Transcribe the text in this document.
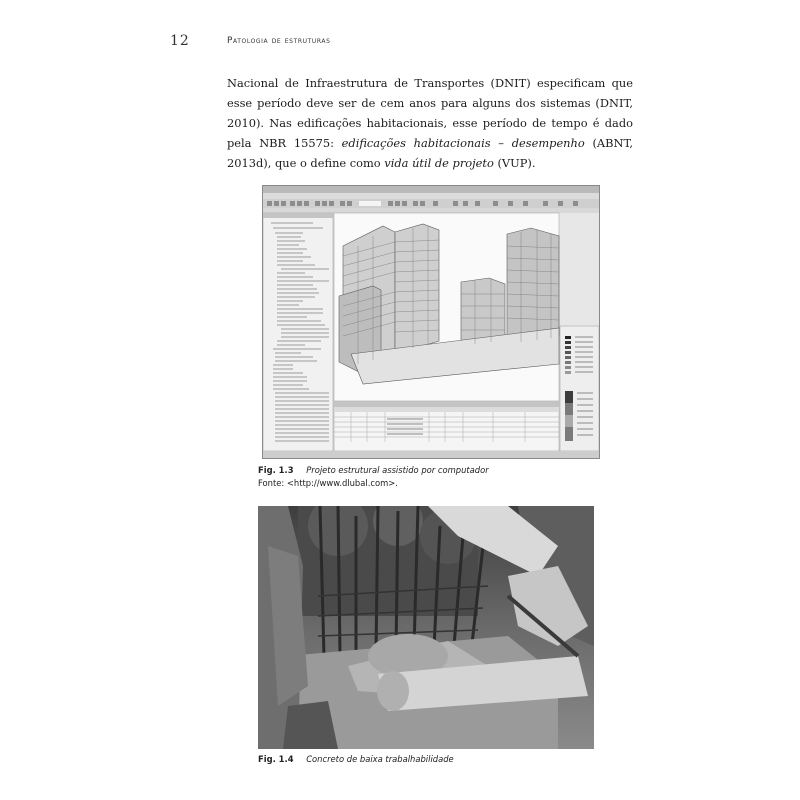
12	Patologia de estruturas

Nacional de Infraestrutura de Transportes (DNIT) especificam que esse período deve ser de cem anos para alguns dos sistemas (DNIT, 2010). Nas edificações habitacionais, esse período de tempo é dado pela NBR 15575: edificações habitacionais – desempenho (ABNT, 2013d), que o define como vida útil de projeto (VUP).

Fig. 1.3 Projeto estrutural assistido por computador
Fonte: <http://www.dlubal.com>.
Fig. 1.4 Concreto de baixa trabalhabilidade
